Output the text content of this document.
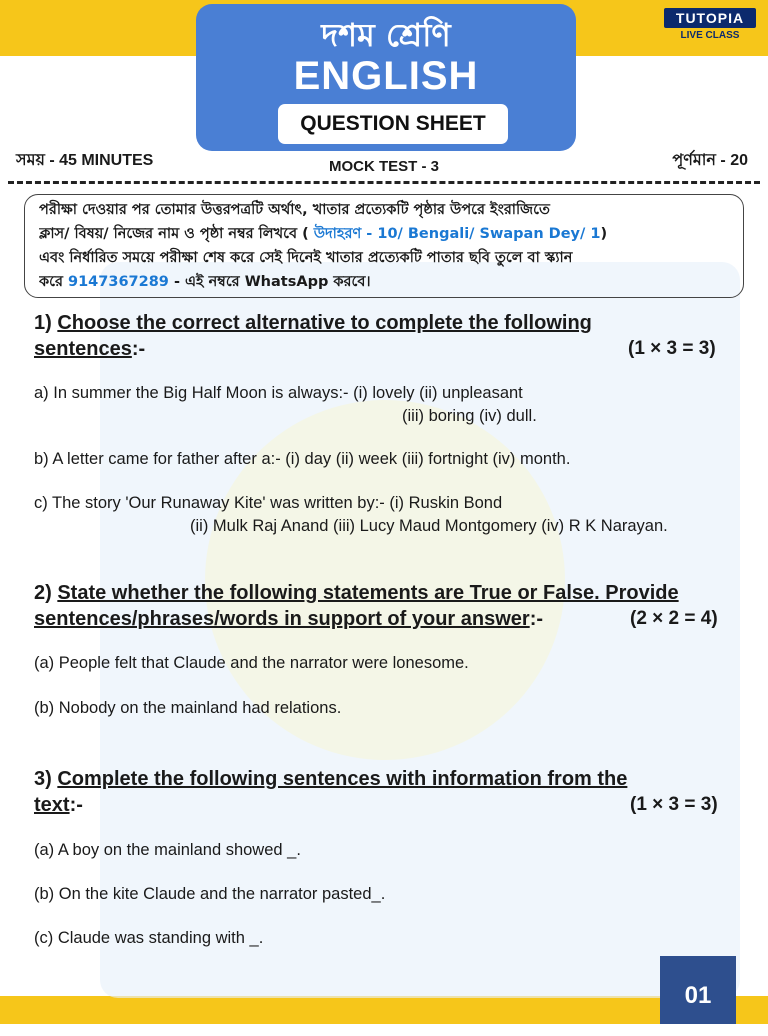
দশম শ্রেণি
ENGLISH
QUESTION SHEET
TUTOPIA
LIVE CLASS
সময় - 45 MINUTES	পূর্ণমান - 20
MOCK TEST - 3
পরীক্ষা দেওয়ার পর তোমার উত্তরপত্রটি অর্থাৎ, খাতার প্রত্যেকটি পৃষ্ঠার উপরে ইংরাজিতে
ক্লাস/ বিষয়/ নিজের নাম ও পৃষ্ঠা নম্বর লিখবে ( উদাহরণ - 10/ Bengali/ Swapan Dey/ 1)
এবং নির্ধারিত সময়ে পরীক্ষা শেষ করে সেই দিনেই খাতার প্রত্যেকটি পাতার ছবি তুলে বা স্ক্যান
করে 9147367289 - এই নম্বরে WhatsApp করবে।
1) Choose the correct alternative to complete the following
sentences:-	(1 × 3 = 3)
a) In summer the Big Half Moon is always:- (i) lovely (ii) unpleasant
(iii) boring (iv) dull.
b) A letter came for father after a:- (i) day (ii) week (iii) fortnight (iv) month.
c) The story 'Our Runaway Kite' was written by:- (i) Ruskin Bond
(ii) Mulk Raj Anand (iii) Lucy Maud Montgomery (iv) R K Narayan.
2) State whether the following statements are True or False. Provide
sentences/phrases/words in support of your answer:-	(2 × 2 = 4)
(a) People felt that Claude and the narrator were lonesome.
(b) Nobody on the mainland had relations.
3) Complete the following sentences with information from the
text:-	(1 × 3 = 3)
(a) A boy on the mainland showed _.
(b) On the kite Claude and the narrator pasted_.
(c) Claude was standing with _.
01
